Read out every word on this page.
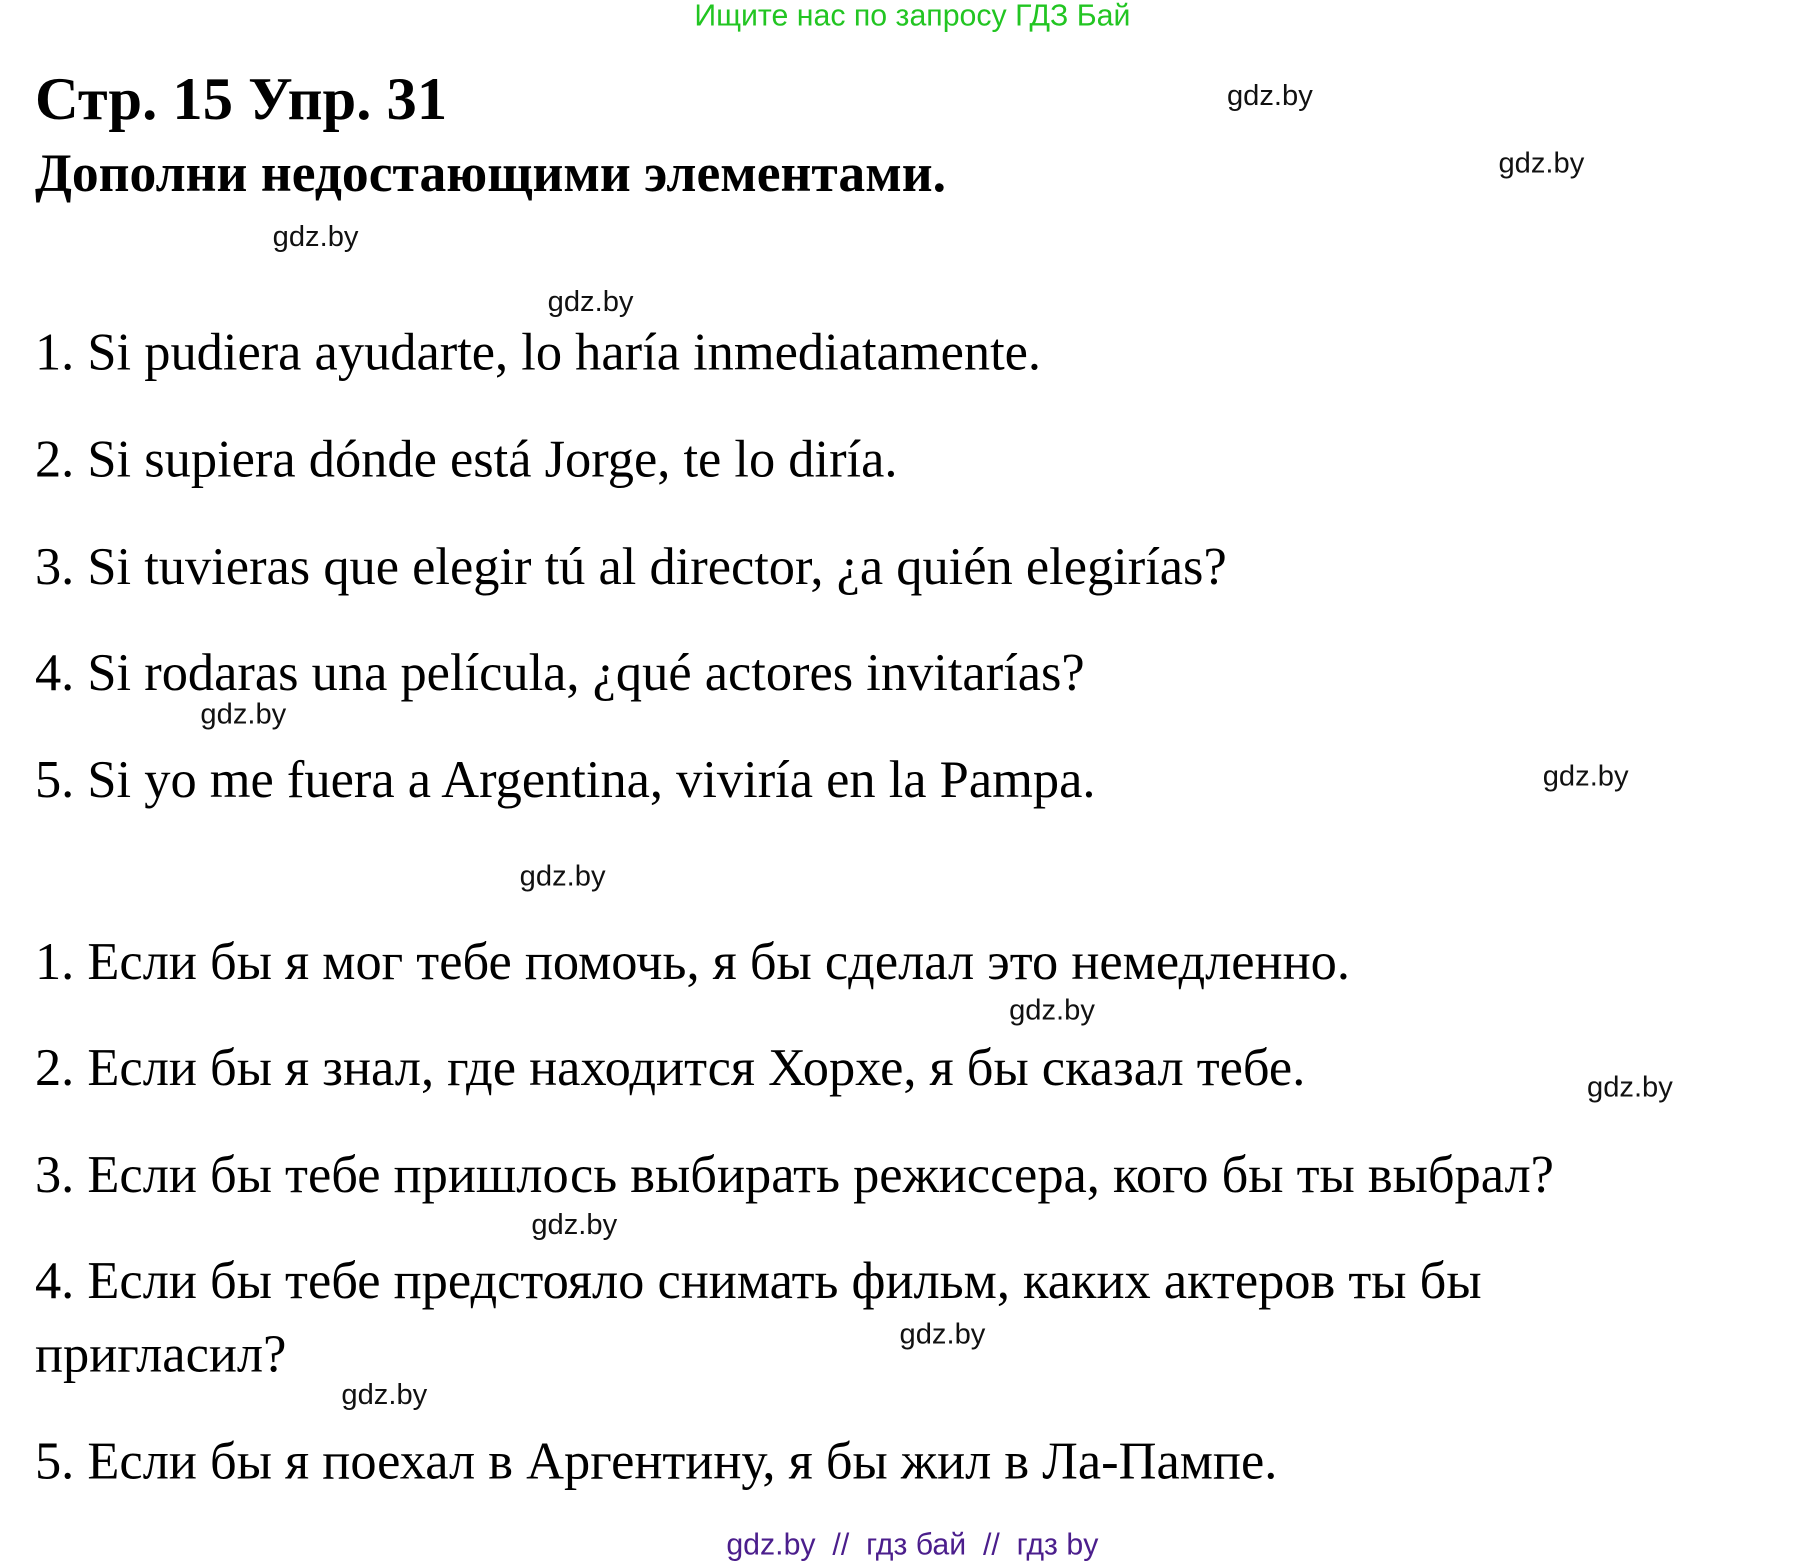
Ищите нас по запросу ГДЗ Бай
Стр. 15 Упр. 31
Дополни недостающими элементами.
1. Si pudiera ayudarte, lo haría inmediatamente.
2. Si supiera dónde está Jorge, te lo diría.
3. Si tuvieras que elegir tú al director, ¿a quién elegirías?
4. Si rodaras una película, ¿qué actores invitarías?
5. Si yo me fuera a Argentina, viviría en la Pampa.
1. Если бы я мог тебе помочь, я бы сделал это немедленно.
2. Если бы я знал, где находится Хорхе, я бы сказал тебе.
3. Если бы тебе пришлось выбирать режиссера, кого бы ты выбрал?
4. Если бы тебе предстояло снимать фильм, каких актеров ты бы
пригласил?
5. Если бы я поехал в Аргентину, я бы жил в Ла-Пампе.
gdz.by
gdz.by
gdz.by
gdz.by
gdz.by
gdz.by
gdz.by
gdz.by
gdz.by
gdz.by
gdz.by
gdz.by
gdz.by  //  гдз бай  //  гдз by
